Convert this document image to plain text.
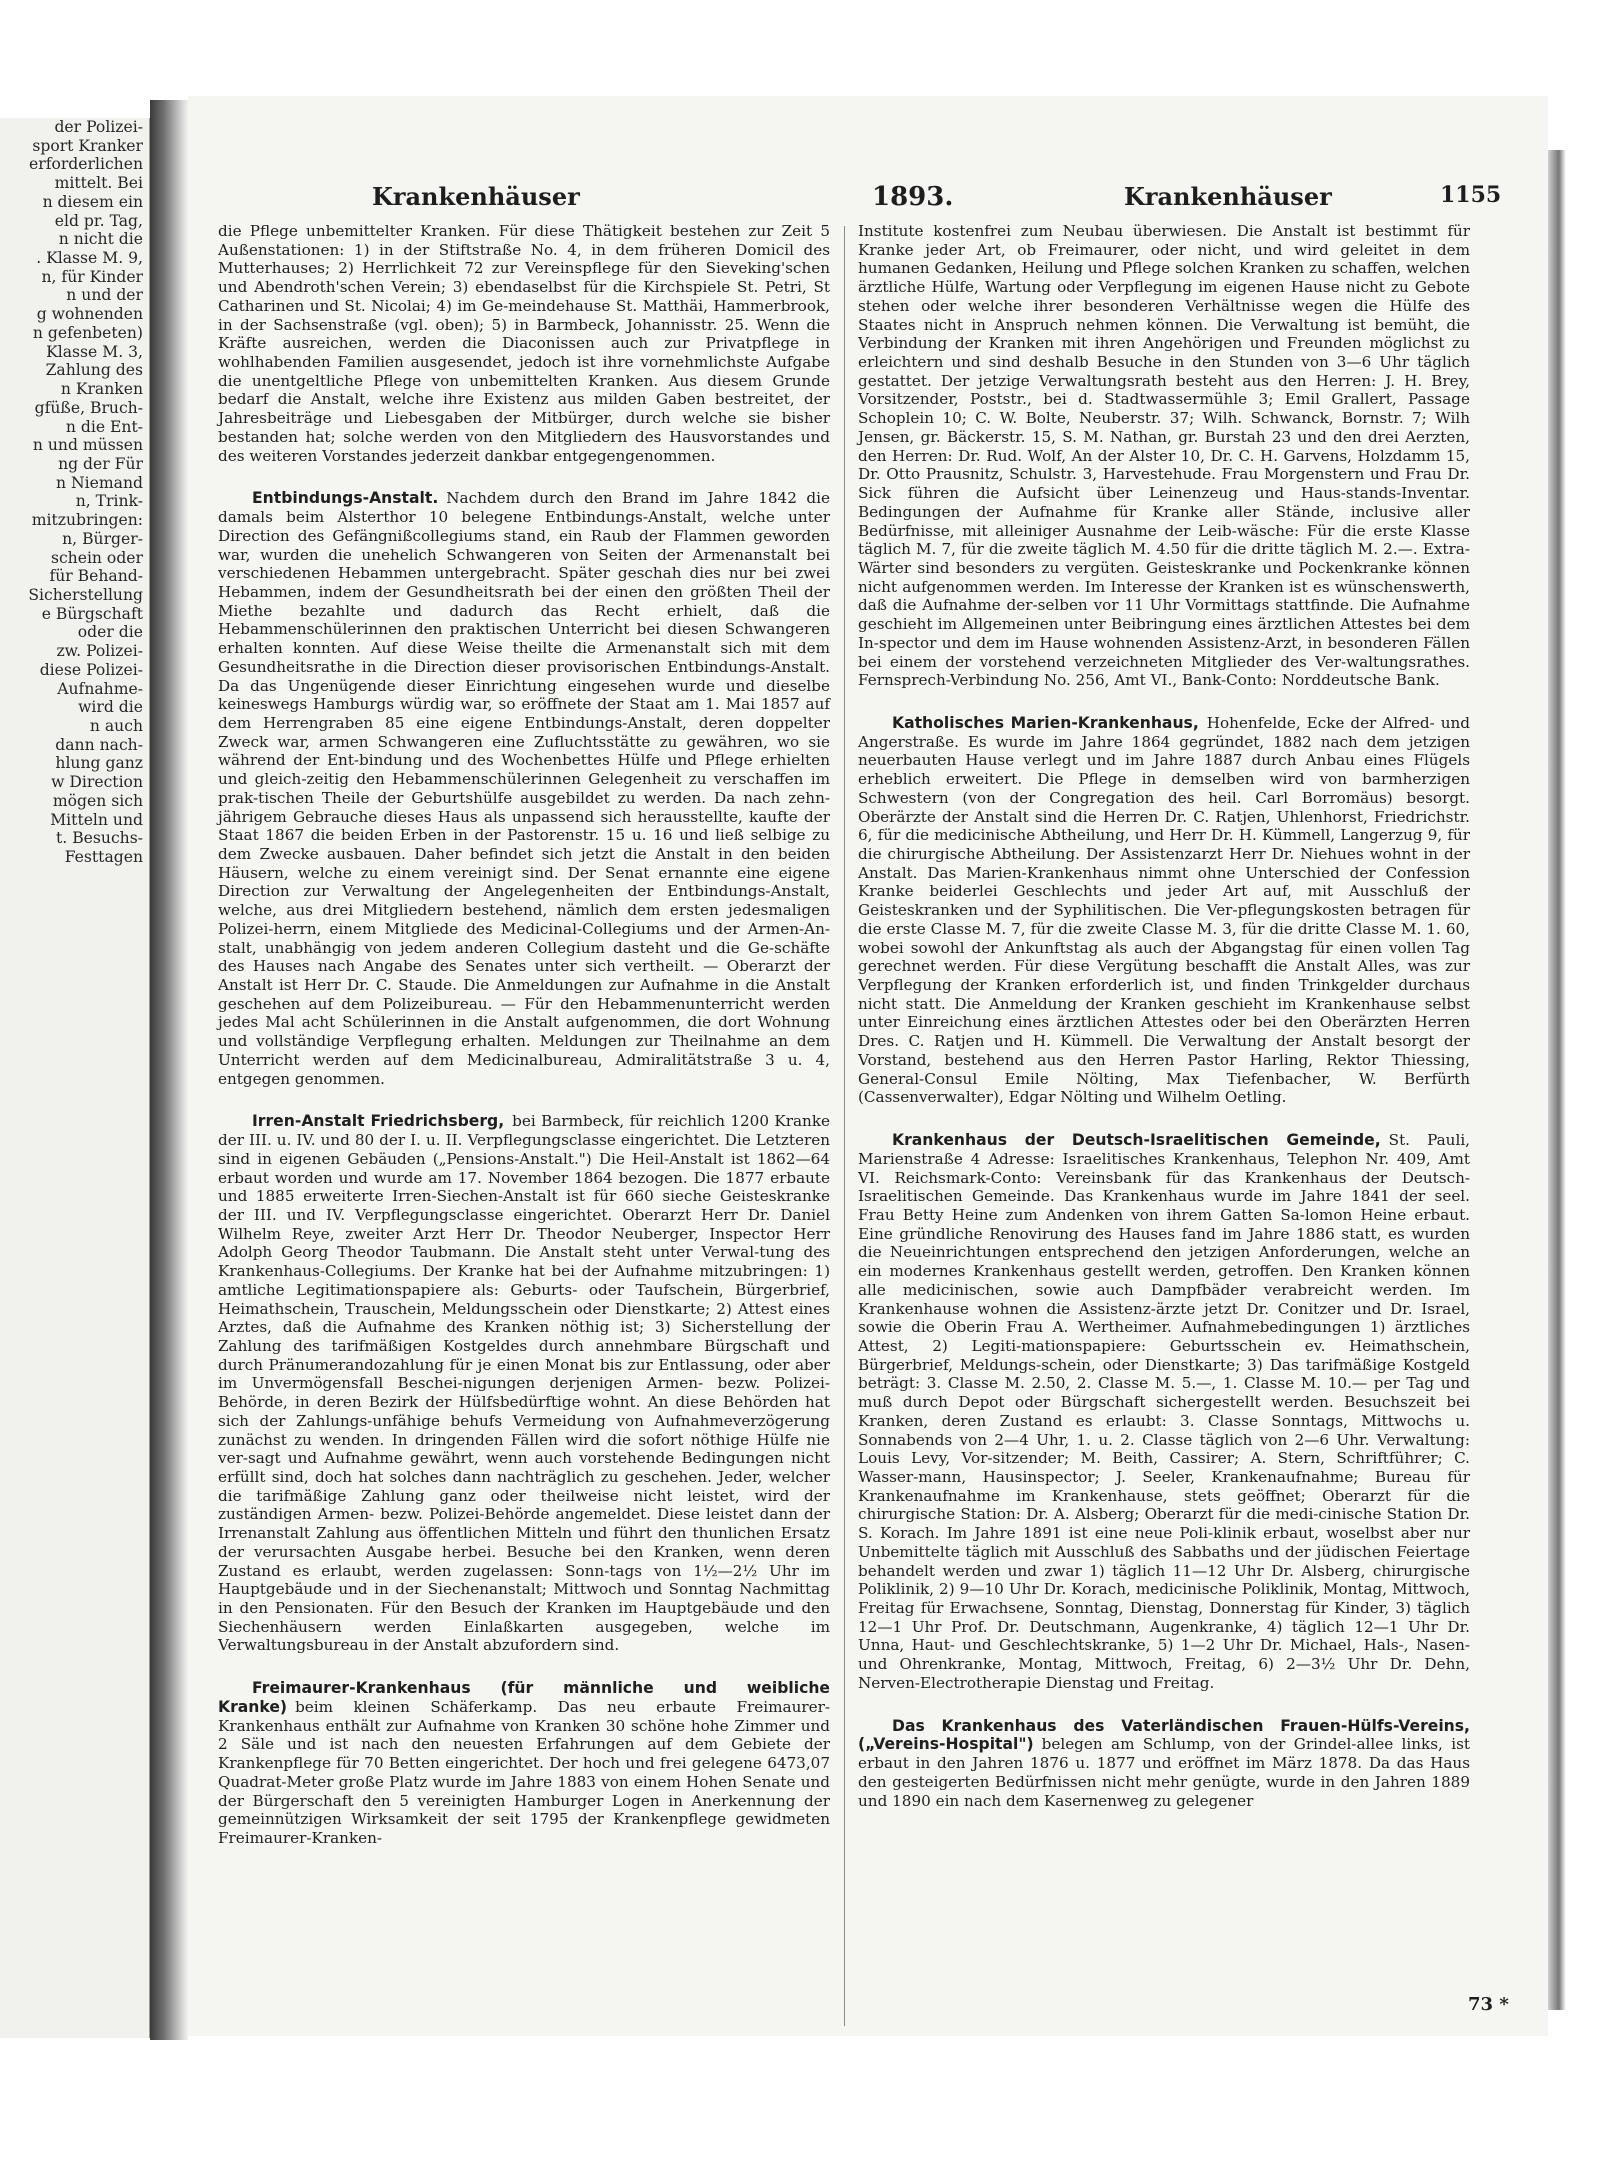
der Polizei-
sport Kranker
erforderlichen
mittelt. Bei
n diesem ein
eld pr. Tag,
n nicht die
. Klasse M. 9,
n, für Kinder
n und der
g wohnenden
n gefenbeten)
Klasse M. 3,
Zahlung des
n Kranken
gfüße, Bruch-
n die Ent-
n und müssen
ng der Für
n Niemand
n, Trink-
mitzubringen:
n, Bürger-
schein oder
für Behand-
Sicherstellung
e Bürgschaft
oder die
zw. Polizei-
diese Polizei-
Aufnahme-
wird die
n auch
dann nach-
hlung ganz
w Direction
mögen sich
Mitteln und
t. Besuchs-
Festtagen
Krankenhäuser	1893.	Krankenhäuser	1155

die Pflege unbemittelter Kranken. Für diese Thätigkeit bestehen zur Zeit 5 Außenstationen: 1) in der Stiftstraße No. 4, in dem früheren Domicil des Mutterhauses; 2) Herrlichkeit 72 zur Vereinspflege für den Sieveking'schen und Abendroth'schen Verein; 3) ebendaselbst für die Kirchspiele St. Petri, St Catharinen und St. Nicolai; 4) im Ge-meindehause St. Matthäi, Hammerbrook, in der Sachsenstraße (vgl. oben); 5) in Barmbeck, Johannisstr. 25. Wenn die Kräfte ausreichen, werden die Diaconissen auch zur Privatpflege in wohlhabenden Familien ausgesendet, jedoch ist ihre vornehmlichste Aufgabe die unentgeltliche Pflege von unbemittelten Kranken. Aus diesem Grunde bedarf die Anstalt, welche ihre Existenz aus milden Gaben bestreitet, der Jahresbeiträge und Liebesgaben der Mitbürger, durch welche sie bisher bestanden hat; solche werden von den Mitgliedern des Hausvorstandes und des weiteren Vorstandes jederzeit dankbar entgegengenommen.

Entbindungs-Anstalt. Nachdem durch den Brand im Jahre 1842 die damals beim Alsterthor 10 belegene Entbindungs-Anstalt, welche unter Direction des Gefängnißcollegiums stand, ein Raub der Flammen geworden war, wurden die unehelich Schwangeren von Seiten der Armenanstalt bei verschiedenen Hebammen untergebracht. Später geschah dies nur bei zwei Hebammen, indem der Gesundheitsrath bei der einen den größten Theil der Miethe bezahlte und dadurch das Recht erhielt, daß die Hebammenschülerinnen den praktischen Unterricht bei diesen Schwangeren erhalten konnten. Auf diese Weise theilte die Armenanstalt sich mit dem Gesundheitsrathe in die Direction dieser provisorischen Entbindungs-Anstalt. Da das Ungenügende dieser Einrichtung eingesehen wurde und dieselbe keineswegs Hamburgs würdig war, so eröffnete der Staat am 1. Mai 1857 auf dem Herrengraben 85 eine eigene Entbindungs-Anstalt, deren doppelter Zweck war, armen Schwangeren eine Zufluchtsstätte zu gewähren, wo sie während der Ent-bindung und des Wochenbettes Hülfe und Pflege erhielten und gleich-zeitig den Hebammenschülerinnen Gelegenheit zu verschaffen im prak-tischen Theile der Geburtshülfe ausgebildet zu werden. Da nach zehn-jährigem Gebrauche dieses Haus als unpassend sich herausstellte, kaufte der Staat 1867 die beiden Erben in der Pastorenstr. 15 u. 16 und ließ selbige zu dem Zwecke ausbauen. Daher befindet sich jetzt die Anstalt in den beiden Häusern, welche zu einem vereinigt sind. Der Senat ernannte eine eigene Direction zur Verwaltung der Angelegenheiten der Entbindungs-Anstalt, welche, aus drei Mitgliedern bestehend, nämlich dem ersten jedesmaligen Polizei-herrn, einem Mitgliede des Medicinal-Collegiums und der Armen-An-stalt, unabhängig von jedem anderen Collegium dasteht und die Ge-schäfte des Hauses nach Angabe des Senates unter sich vertheilt. — Oberarzt der Anstalt ist Herr Dr. C. Staude. Die Anmeldungen zur Aufnahme in die Anstalt geschehen auf dem Polizeibureau. — Für den Hebammenunterricht werden jedes Mal acht Schülerinnen in die Anstalt aufgenommen, die dort Wohnung und vollständige Verpflegung erhalten. Meldungen zur Theilnahme an dem Unterricht werden auf dem Medicinalbureau, Admiralitätstraße 3 u. 4, entgegen genommen.

Irren-Anstalt Friedrichsberg, bei Barmbeck, für reichlich 1200 Kranke der III. u. IV. und 80 der I. u. II. Verpflegungsclasse eingerichtet. Die Letzteren sind in eigenen Gebäuden („Pensions-Anstalt.") Die Heil-Anstalt ist 1862—64 erbaut worden und wurde am 17. November 1864 bezogen. Die 1877 erbaute und 1885 erweiterte Irren-Siechen-Anstalt ist für 660 sieche Geisteskranke der III. und IV. Verpflegungsclasse eingerichtet. Oberarzt Herr Dr. Daniel Wilhelm Reye, zweiter Arzt Herr Dr. Theodor Neuberger, Inspector Herr Adolph Georg Theodor Taubmann. Die Anstalt steht unter Verwal-tung des Krankenhaus-Collegiums. Der Kranke hat bei der Aufnahme mitzubringen: 1) amtliche Legitimationspapiere als: Geburts- oder Taufschein, Bürgerbrief, Heimathschein, Trauschein, Meldungsschein oder Dienstkarte; 2) Attest eines Arztes, daß die Aufnahme des Kranken nöthig ist; 3) Sicherstellung der Zahlung des tarifmäßigen Kostgeldes durch annehmbare Bürgschaft und durch Pränumerandozahlung für je einen Monat bis zur Entlassung, oder aber im Unvermögensfall Beschei-nigungen derjenigen Armen- bezw. Polizei-Behörde, in deren Bezirk der Hülfsbedürftige wohnt. An diese Behörden hat sich der Zahlungs-unfähige behufs Vermeidung von Aufnahmeverzögerung zunächst zu wenden. In dringenden Fällen wird die sofort nöthige Hülfe nie ver-sagt und Aufnahme gewährt, wenn auch vorstehende Bedingungen nicht erfüllt sind, doch hat solches dann nachträglich zu geschehen. Jeder, welcher die tarifmäßige Zahlung ganz oder theilweise nicht leistet, wird der zuständigen Armen- bezw. Polizei-Behörde angemeldet. Diese leistet dann der Irrenanstalt Zahlung aus öffentlichen Mitteln und führt den thunlichen Ersatz der verursachten Ausgabe herbei. Besuche bei den Kranken, wenn deren Zustand es erlaubt, werden zugelassen: Sonn-tags von 1½—2½ Uhr im Hauptgebäude und in der Siechenanstalt; Mittwoch und Sonntag Nachmittag in den Pensionaten. Für den Besuch der Kranken im Hauptgebäude und den Siechenhäusern werden Einlaßkarten ausgegeben, welche im Verwaltungsbureau in der Anstalt abzufordern sind.

Freimaurer-Krankenhaus (für männliche und weibliche Kranke) beim kleinen Schäferkamp. Das neu erbaute Freimaurer-Krankenhaus enthält zur Aufnahme von Kranken 30 schöne hohe Zimmer und 2 Säle und ist nach den neuesten Erfahrungen auf dem Gebiete der Krankenpflege für 70 Betten eingerichtet. Der hoch und frei gelegene 6473,07 Quadrat-Meter große Platz wurde im Jahre 1883 von einem Hohen Senate und der Bürgerschaft den 5 vereinigten Hamburger Logen in Anerkennung der gemeinnützigen Wirksamkeit der seit 1795 der Krankenpflege gewidmeten Freimaurer-Kranken-

Institute kostenfrei zum Neubau überwiesen. Die Anstalt ist bestimmt für Kranke jeder Art, ob Freimaurer, oder nicht, und wird geleitet in dem humanen Gedanken, Heilung und Pflege solchen Kranken zu schaffen, welchen ärztliche Hülfe, Wartung oder Verpflegung im eigenen Hause nicht zu Gebote stehen oder welche ihrer besonderen Verhältnisse wegen die Hülfe des Staates nicht in Anspruch nehmen können. Die Verwaltung ist bemüht, die Verbindung der Kranken mit ihren Angehörigen und Freunden möglichst zu erleichtern und sind deshalb Besuche in den Stunden von 3—6 Uhr täglich gestattet. Der jetzige Verwaltungsrath besteht aus den Herren: J. H. Brey, Vorsitzender, Poststr., bei d. Stadtwassermühle 3; Emil Grallert, Passage Schoplein 10; C. W. Bolte, Neuberstr. 37; Wilh. Schwanck, Bornstr. 7; Wilh Jensen, gr. Bäckerstr. 15, S. M. Nathan, gr. Burstah 23 und den drei Aerzten, den Herren: Dr. Rud. Wolf, An der Alster 10, Dr. C. H. Garvens, Holzdamm 15, Dr. Otto Prausnitz, Schulstr. 3, Harvestehude. Frau Morgenstern und Frau Dr. Sick führen die Aufsicht über Leinenzeug und Haus-stands-Inventar. Bedingungen der Aufnahme für Kranke aller Stände, inclusive aller Bedürfnisse, mit alleiniger Ausnahme der Leib-wäsche: Für die erste Klasse täglich M. 7, für die zweite täglich M. 4.50 für die dritte täglich M. 2.—. Extra-Wärter sind besonders zu vergüten. Geisteskranke und Pockenkranke können nicht aufgenommen werden. Im Interesse der Kranken ist es wünschenswerth, daß die Aufnahme der-selben vor 11 Uhr Vormittags stattfinde. Die Aufnahme geschieht im Allgemeinen unter Beibringung eines ärztlichen Attestes bei dem In-spector und dem im Hause wohnenden Assistenz-Arzt, in besonderen Fällen bei einem der vorstehend verzeichneten Mitglieder des Ver-waltungsrathes. Fernsprech-Verbindung No. 256, Amt VI., Bank-Conto: Norddeutsche Bank.

Katholisches Marien-Krankenhaus, Hohenfelde, Ecke der Alfred- und Angerstraße. Es wurde im Jahre 1864 gegründet, 1882 nach dem jetzigen neuerbauten Hause verlegt und im Jahre 1887 durch Anbau eines Flügels erheblich erweitert. Die Pflege in demselben wird von barmherzigen Schwestern (von der Congregation des heil. Carl Borromäus) besorgt. Oberärzte der Anstalt sind die Herren Dr. C. Ratjen, Uhlenhorst, Friedrichstr. 6, für die medicinische Abtheilung, und Herr Dr. H. Kümmell, Langerzug 9, für die chirurgische Abtheilung. Der Assistenzarzt Herr Dr. Niehues wohnt in der Anstalt. Das Marien-Krankenhaus nimmt ohne Unterschied der Confession Kranke beiderlei Geschlechts und jeder Art auf, mit Ausschluß der Geisteskranken und der Syphilitischen. Die Ver-pflegungskosten betragen für die erste Classe M. 7, für die zweite Classe M. 3, für die dritte Classe M. 1. 60, wobei sowohl der Ankunftstag als auch der Abgangstag für einen vollen Tag gerechnet werden. Für diese Vergütung beschafft die Anstalt Alles, was zur Verpflegung der Kranken erforderlich ist, und finden Trinkgelder durchaus nicht statt. Die Anmeldung der Kranken geschieht im Krankenhause selbst unter Einreichung eines ärztlichen Attestes oder bei den Oberärzten Herren Dres. C. Ratjen und H. Kümmell. Die Verwaltung der Anstalt besorgt der Vorstand, bestehend aus den Herren Pastor Harling, Rektor Thiessing, General-Consul Emile Nölting, Max Tiefenbacher, W. Berfürth (Cassenverwalter), Edgar Nölting und Wilhelm Oetling.

Krankenhaus der Deutsch-Israelitischen Gemeinde, St. Pauli, Marienstraße 4 Adresse: Israelitisches Krankenhaus, Telephon Nr. 409, Amt VI. Reichsmark-Conto: Vereinsbank für das Krankenhaus der Deutsch-Israelitischen Gemeinde. Das Krankenhaus wurde im Jahre 1841 der seel. Frau Betty Heine zum Andenken von ihrem Gatten Sa-lomon Heine erbaut. Eine gründliche Renovirung des Hauses fand im Jahre 1886 statt, es wurden die Neueinrichtungen entsprechend den jetzigen Anforderungen, welche an ein modernes Krankenhaus gestellt werden, getroffen. Den Kranken können alle medicinischen, sowie auch Dampfbäder verabreicht werden. Im Krankenhause wohnen die Assistenz-ärzte jetzt Dr. Conitzer und Dr. Israel, sowie die Oberin Frau A. Wertheimer. Aufnahmebedingungen 1) ärztliches Attest, 2) Legiti-mationspapiere: Geburtsschein ev. Heimathschein, Bürgerbrief, Meldungs-schein, oder Dienstkarte; 3) Das tarifmäßige Kostgeld beträgt: 3. Classe M. 2.50, 2. Classe M. 5.—, 1. Classe M. 10.— per Tag und muß durch Depot oder Bürgschaft sichergestellt werden. Besuchszeit bei Kranken, deren Zustand es erlaubt: 3. Classe Sonntags, Mittwochs u. Sonnabends von 2—4 Uhr, 1. u. 2. Classe täglich von 2—6 Uhr. Verwaltung: Louis Levy, Vor-sitzender; M. Beith, Cassirer; A. Stern, Schriftführer; C. Wasser-mann, Hausinspector; J. Seeler, Krankenaufnahme; Bureau für Krankenaufnahme im Krankenhause, stets geöffnet; Oberarzt für die chirurgische Station: Dr. A. Alsberg; Oberarzt für die medi-cinische Station Dr. S. Korach. Im Jahre 1891 ist eine neue Poli-klinik erbaut, woselbst aber nur Unbemittelte täglich mit Ausschluß des Sabbaths und der jüdischen Feiertage behandelt werden und zwar 1) täglich 11—12 Uhr Dr. Alsberg, chirurgische Poliklinik, 2) 9—10 Uhr Dr. Korach, medicinische Poliklinik, Montag, Mittwoch, Freitag für Erwachsene, Sonntag, Dienstag, Donnerstag für Kinder, 3) täglich 12—1 Uhr Prof. Dr. Deutschmann, Augenkranke, 4) täglich 12—1 Uhr Dr. Unna, Haut- und Geschlechtskranke, 5) 1—2 Uhr Dr. Michael, Hals-, Nasen- und Ohrenkranke, Montag, Mittwoch, Freitag, 6) 2—3½ Uhr Dr. Dehn, Nerven-Electrotherapie Dienstag und Freitag.

Das Krankenhaus des Vaterländischen Frauen-Hülfs-Vereins, („Vereins-Hospital") belegen am Schlump, von der Grindel-allee links, ist erbaut in den Jahren 1876 u. 1877 und eröffnet im März 1878. Da das Haus den gesteigerten Bedürfnissen nicht mehr genügte, wurde in den Jahren 1889 und 1890 ein nach dem Kasernenweg zu gelegener

73 *
